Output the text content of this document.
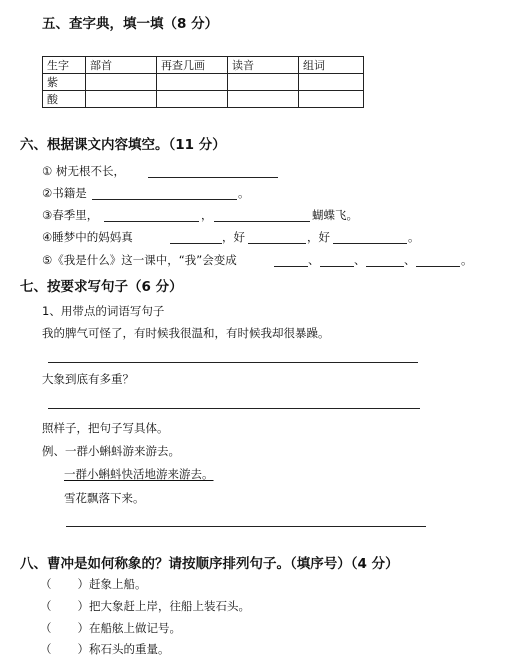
五、查字典，填一填（8 分）
生字	部首	再查几画	读音	组词
紫				
酸				
六、根据课文内容填空。（11 分）
① 树无根不长，
②书籍是	。
③春季里，	，	蝴蝶飞。
④睡梦中的妈妈真	，好	，好	。
⑤《我是什么》这一课中，“我”会变成	、	、	、	。
七、按要求写句子（6 分）
1、用带点的词语写句子
我的脾气可怪了，有时候我很温和，有时候我却很暴躁。
大象到底有多重？
照样子，把句子写具体。
例、一群小蝌蚪游来游去。
一群小蝌蚪快活地游来游去。
雪花飘落下来。
八、曹冲是如何称象的？请按顺序排列句子。（填序号）（4 分）
（ ）赶象上船。
（ ）把大象赶上岸，往船上装石头。
（ ）在船舷上做记号。
（ ）称石头的重量。
